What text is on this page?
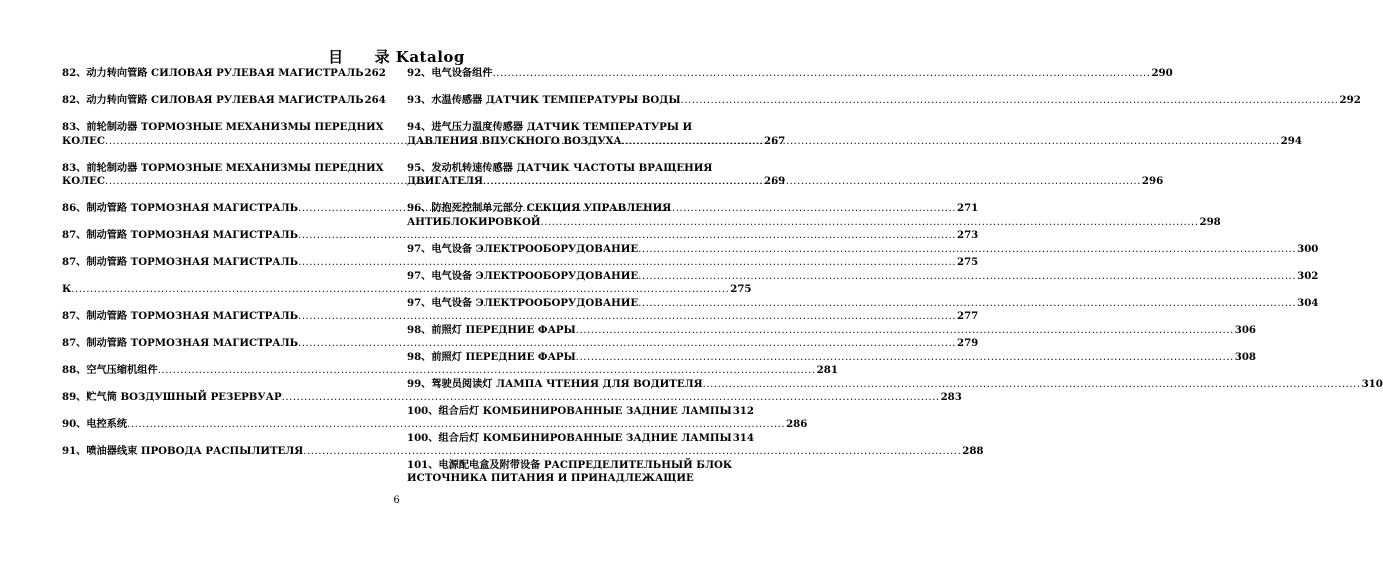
目　　录 Katalog
82、动力转向管路 СИЛОВАЯ РУЛЕВАЯ МАГИСТРАЛЬ 262
82、动力转向管路 СИЛОВАЯ РУЛЕВАЯ МАГИСТРАЛЬ 264
83、前轮制动器 ТОРМОЗНЫЕ МЕХАНИЗМЫ ПЕРЕДНИХ
КОЛЕС .....	267
83、前轮制动器 ТОРМОЗНЫЕ МЕХАНИЗМЫ ПЕРЕДНИХ
КОЛЕС .....	269
86、制动管路 ТОРМОЗНАЯ МАГИСТРАЛЬ .....	271
87、制动管路 ТОРМОЗНАЯ МАГИСТРАЛЬ .....	273
87、制动管路 ТОРМОЗНАЯ МАГИСТРАЛЬ .....	275
К .....	275
87、制动管路 ТОРМОЗНАЯ МАГИСТРАЛЬ .....	277
87、制动管路 ТОРМОЗНАЯ МАГИСТРАЛЬ .....	279
88、空气压缩机组件 .....	281
89、贮气筒 ВОЗДУШНЫЙ РЕЗЕРВУАР .....	283
90、电控系统 .....	286
91、喷油器线束 ПРОВОДА РАСПЫЛИТЕЛЯ .....	288
92、电气设备组件 .....	290
93、水温传感器 ДАТЧИК ТЕМПЕРАТУРЫ ВОДЫ .....	292
94、进气压力温度传感器 ДАТЧИК ТЕМПЕРАТУРЫ И
ДАВЛЕНИЯ ВПУСКНОГО ВОЗДУХА .....	294
95、发动机转速传感器 ДАТЧИК ЧАСТОТЫ ВРАЩЕНИЯ
ДВИГАТЕЛЯ .....	296
96、防抱死控制单元部分 СЕКЦИЯ УПРАВЛЕНИЯ
АНТИБЛОКИРОВКОЙ .....	298
97、电气设备 ЭЛЕКТРООБОРУДОВАНИЕ .....	300
97、电气设备 ЭЛЕКТРООБОРУДОВАНИЕ .....	302
97、电气设备 ЭЛЕКТРООБОРУДОВАНИЕ .....	304
98、前照灯 ПЕРЕДНИЕ ФАРЫ .....	306
98、前照灯 ПЕРЕДНИЕ ФАРЫ .....	308
99、驾驶员阅读灯 ЛАМПА ЧТЕНИЯ ДЛЯ ВОДИТЕЛЯ .....	310
100、组合后灯 КОМБИНИРОВАННЫЕ ЗАДНИЕ ЛАМПЫ 312
100、组合后灯 КОМБИНИРОВАННЫЕ ЗАДНИЕ ЛАМПЫ 314
101、电源配电盒及附带设备 РАСПРЕДЕЛИТЕЛЬНЫЙ БЛОК
ИСТОЧНИКА ПИТАНИЯ И ПРИНАДЛЕЖАЩИЕ
6
